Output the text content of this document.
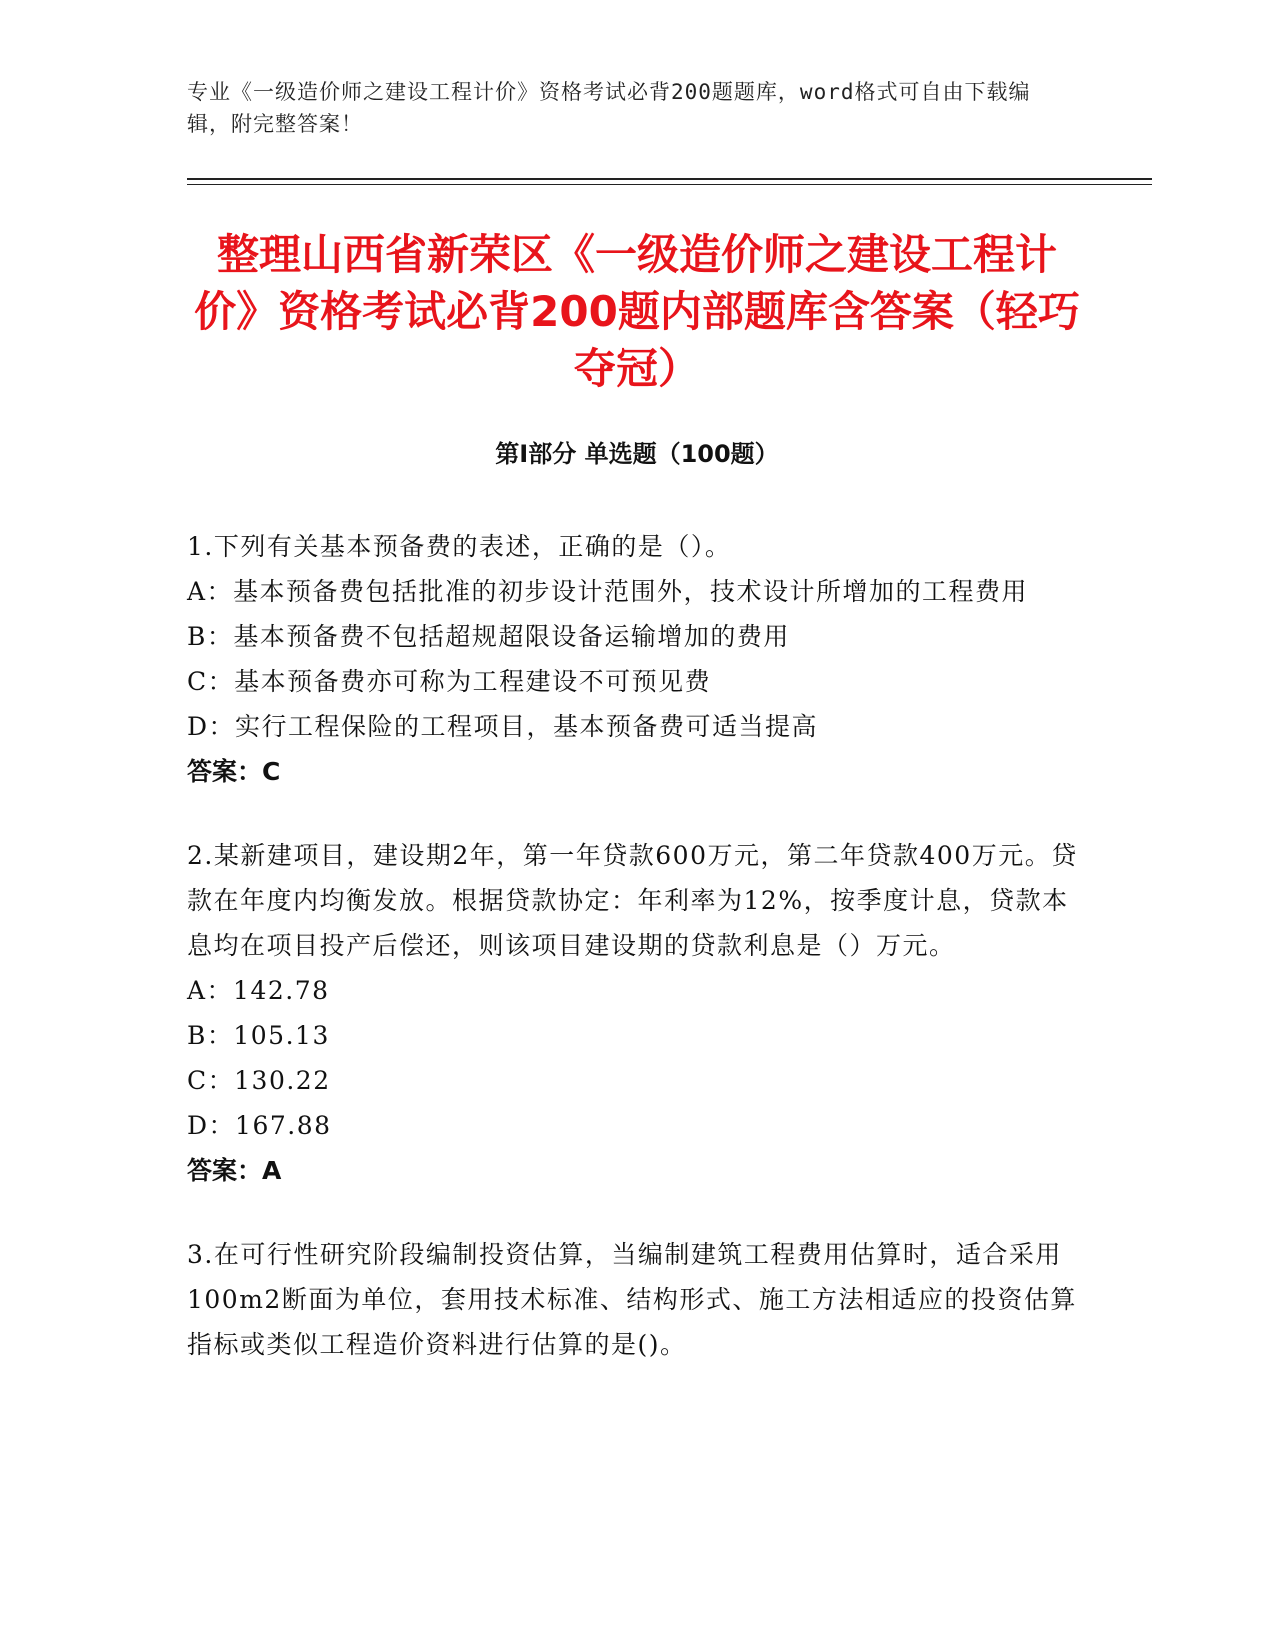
专业《一级造价师之建设工程计价》资格考试必背200题题库，word格式可自由下载编辑，附完整答案！
整理山西省新荣区《一级造价师之建设工程计价》资格考试必背200题内部题库含答案（轻巧夺冠）
第I部分 单选题（100题）
1.下列有关基本预备费的表述，正确的是（）。
A：基本预备费包括批准的初步设计范围外，技术设计所增加的工程费用
B：基本预备费不包括超规超限设备运输增加的费用
C：基本预备费亦可称为工程建设不可预见费
D：实行工程保险的工程项目，基本预备费可适当提高
答案：C
2.某新建项目，建设期2年，第一年贷款600万元，第二年贷款400万元。贷款在年度内均衡发放。根据贷款协定：年利率为12%，按季度计息，贷款本息均在项目投产后偿还，则该项目建设期的贷款利息是（）万元。
A：142.78
B：105.13
C：130.22
D：167.88
答案：A
3.在可行性研究阶段编制投资估算，当编制建筑工程费用估算时，适合采用100m2断面为单位，套用技术标准、结构形式、施工方法相适应的投资估算指标或类似工程造价资料进行估算的是()。
